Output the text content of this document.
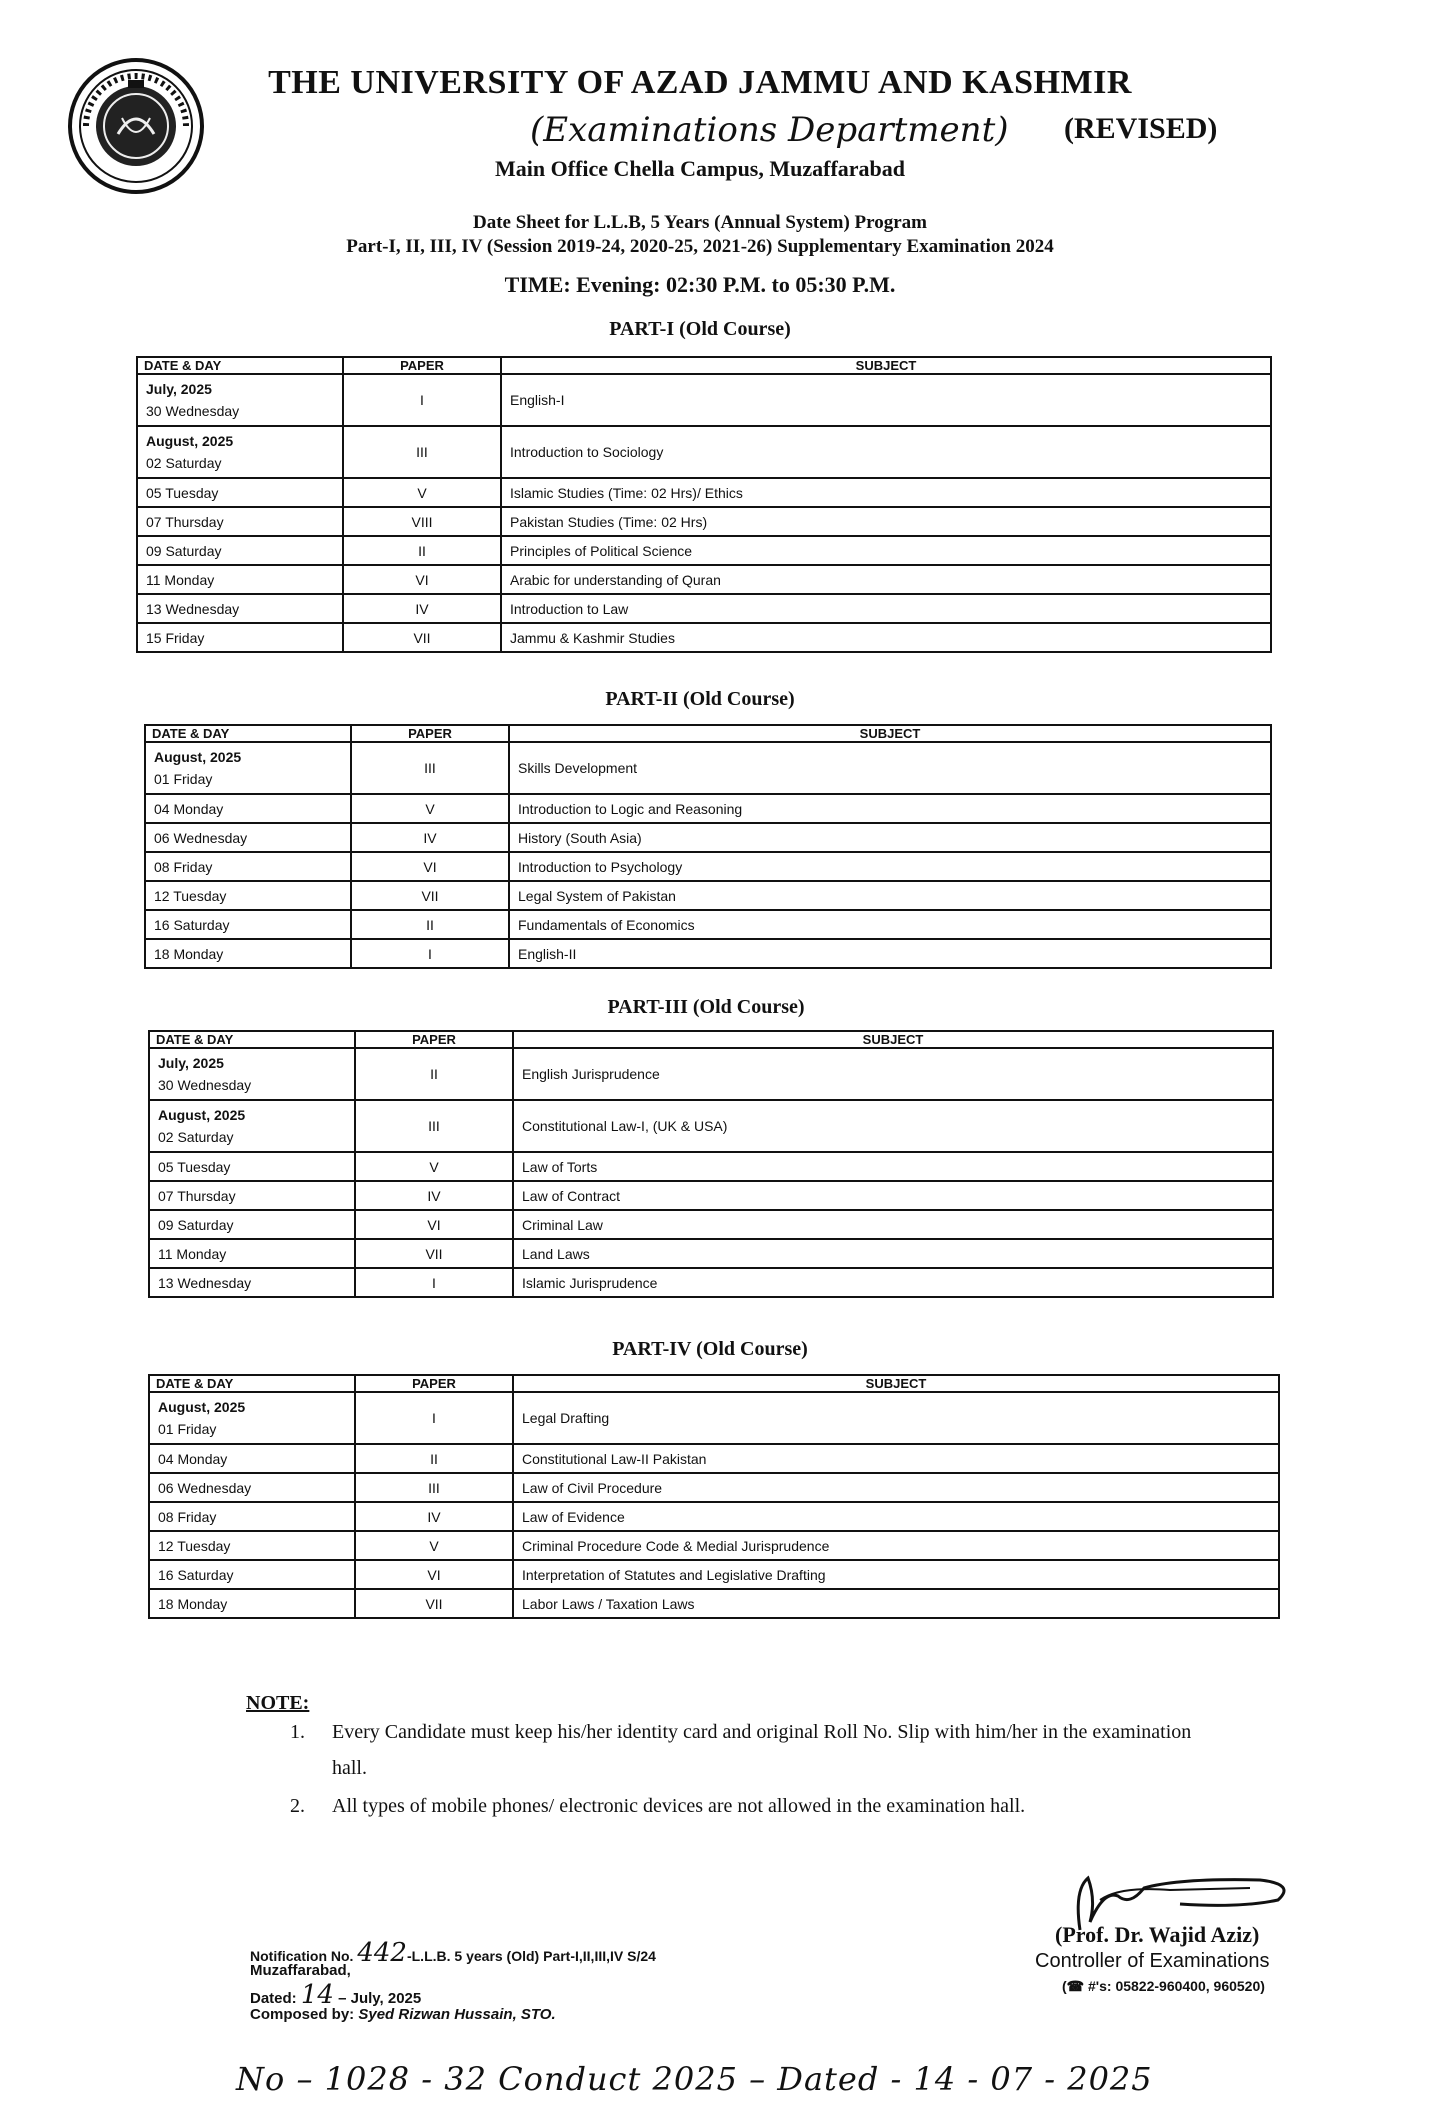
THE UNIVERSITY OF AZAD JAMMU AND KASHMIR
(Examinations Department) (REVISED)
Main Office Chella Campus, Muzaffarabad
Date Sheet for L.L.B, 5 Years (Annual System) Program
Part-I, II, III, IV (Session 2019-24, 2020-25, 2021-26) Supplementary Examination 2024
TIME: Evening: 02:30 P.M. to 05:30 P.M.
PART-I (Old Course)
PART-II (Old Course)
PART-III (Old Course)
PART-IV (Old Course)
DATE & DAY	PAPER	SUBJECT

July, 2025
30 Wednesday	I	English-I

August, 2025
02 Saturday	III	Introduction to Sociology

05 Tuesday	V	Islamic Studies (Time: 02 Hrs)/ Ethics

07 Thursday	VIII	Pakistan Studies (Time: 02 Hrs)

09 Saturday	II	Principles of Political Science

11 Monday	VI	Arabic for understanding of Quran

13 Wednesday	IV	Introduction to Law

15 Friday	VII	Jammu & Kashmir Studies
DATE & DAY	PAPER	SUBJECT

August, 2025
01 Friday	III	Skills Development

04 Monday	V	Introduction to Logic and Reasoning

06 Wednesday	IV	History (South Asia)

08 Friday	VI	Introduction to Psychology

12 Tuesday	VII	Legal System of Pakistan

16 Saturday	II	Fundamentals of Economics

18 Monday	I	English-II
DATE & DAY	PAPER	SUBJECT

July, 2025
30 Wednesday	II	English Jurisprudence

August, 2025
02 Saturday	III	Constitutional Law-I, (UK & USA)

05 Tuesday	V	Law of Torts

07 Thursday	IV	Law of Contract

09 Saturday	VI	Criminal Law

11 Monday	VII	Land Laws

13 Wednesday	I	Islamic Jurisprudence
DATE & DAY	PAPER	SUBJECT

August, 2025
01 Friday	I	Legal Drafting

04 Monday	II	Constitutional Law-II Pakistan

06 Wednesday	III	Law of Civil Procedure

08 Friday	IV	Law of Evidence

12 Tuesday	V	Criminal Procedure Code & Medial Jurisprudence

16 Saturday	VI	Interpretation of Statutes and Legislative Drafting

18 Monday	VII	Labor Laws / Taxation Laws
NOTE:
1.	Every Candidate must keep his/her identity card and original Roll No. Slip with him/her in the examination hall.
2.	All types of mobile phones/ electronic devices are not allowed in the examination hall.
Notification No. 442-L.L.B. 5 years (Old) Part-I,II,III,IV S/24
Muzaffarabad,
Dated: 14 – July, 2025
Composed by: Syed Rizwan Hussain, STO.
(Prof. Dr. Wajid Aziz)
Controller of Examinations
(☎ #'s: 05822-960400, 960520)
No – 1028 - 32 Conduct 2025 – Dated - 14 - 07 - 2025
